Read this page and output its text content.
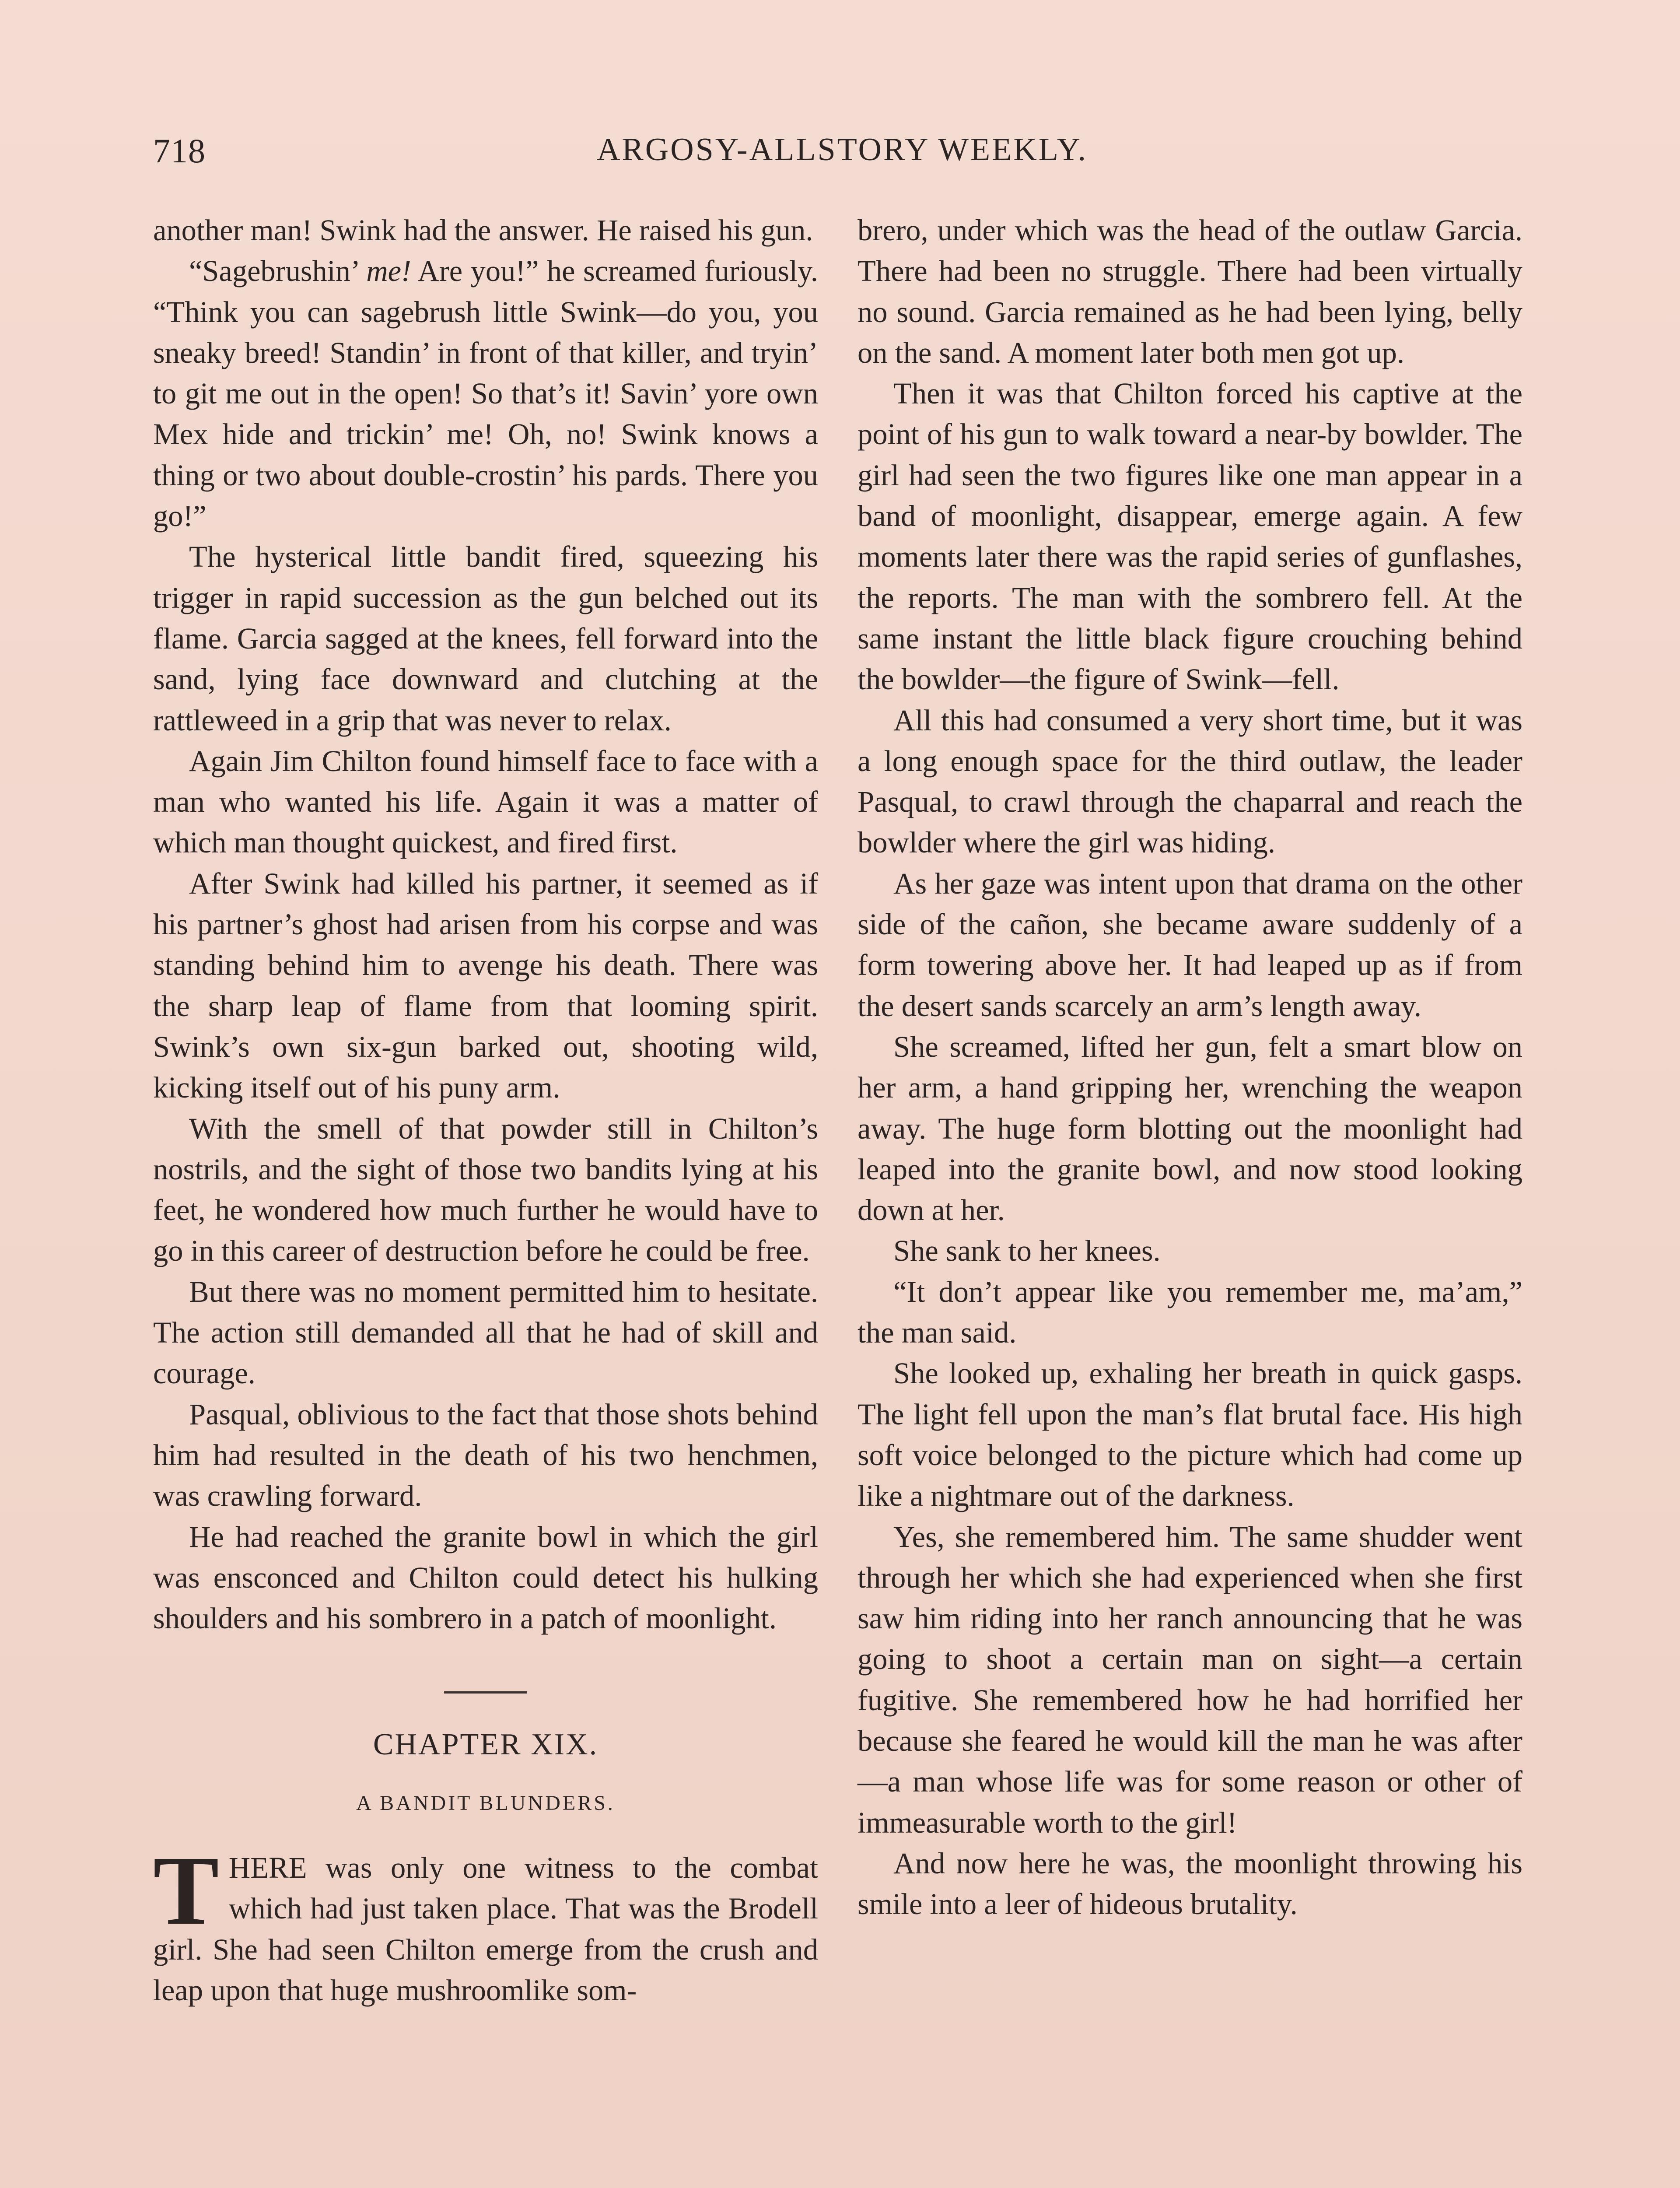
718	ARGOSY-ALLSTORY WEEKLY.

another man! Swink had the answer. He raised his gun.

“Sagebrushin’ me! Are you!” he screamed furiously. “Think you can sagebrush little Swink—do you, you sneaky breed! Standin’ in front of that killer, and tryin’ to git me out in the open! So that’s it! Savin’ yore own Mex hide and trickin’ me! Oh, no! Swink knows a thing or two about double-crostin’ his pards. There you go!”

The hysterical little bandit fired, squeezing his trigger in rapid succession as the gun belched out its flame. Garcia sagged at the knees, fell forward into the sand, lying face downward and clutching at the rattleweed in a grip that was never to relax.

Again Jim Chilton found himself face to face with a man who wanted his life. Again it was a matter of which man thought quickest, and fired first.

After Swink had killed his partner, it seemed as if his partner’s ghost had arisen from his corpse and was standing behind him to avenge his death. There was the sharp leap of flame from that looming spirit. Swink’s own six-gun barked out, shooting wild, kicking itself out of his puny arm.

With the smell of that powder still in Chilton’s nostrils, and the sight of those two bandits lying at his feet, he wondered how much further he would have to go in this career of destruction before he could be free.

But there was no moment permitted him to hesitate. The action still demanded all that he had of skill and courage.

Pasqual, oblivious to the fact that those shots behind him had resulted in the death of his two henchmen, was crawling forward.

He had reached the granite bowl in which the girl was ensconced and Chilton could detect his hulking shoulders and his sombrero in a patch of moonlight.

CHAPTER XIX.
A BANDIT BLUNDERS.

THERE was only one witness to the combat which had just taken place. That was the Brodell girl. She had seen Chilton emerge from the crush and leap upon that huge mushroomlike som-

brero, under which was the head of the outlaw Garcia. There had been no struggle. There had been virtually no sound. Garcia remained as he had been lying, belly on the sand. A moment later both men got up.

Then it was that Chilton forced his captive at the point of his gun to walk toward a near-by bowlder. The girl had seen the two figures like one man appear in a band of moonlight, disappear, emerge again. A few moments later there was the rapid series of gunflashes, the reports. The man with the sombrero fell. At the same instant the little black figure crouching behind the bowlder—the figure of Swink—fell.

All this had consumed a very short time, but it was a long enough space for the third outlaw, the leader Pasqual, to crawl through the chaparral and reach the bowlder where the girl was hiding.

As her gaze was intent upon that drama on the other side of the cañon, she became aware suddenly of a form towering above her. It had leaped up as if from the desert sands scarcely an arm’s length away.

She screamed, lifted her gun, felt a smart blow on her arm, a hand gripping her, wrenching the weapon away. The huge form blotting out the moonlight had leaped into the granite bowl, and now stood looking down at her.

She sank to her knees.

“It don’t appear like you remember me, ma’am,” the man said.

She looked up, exhaling her breath in quick gasps. The light fell upon the man’s flat brutal face. His high soft voice belonged to the picture which had come up like a nightmare out of the darkness.

Yes, she remembered him. The same shudder went through her which she had experienced when she first saw him riding into her ranch announcing that he was going to shoot a certain man on sight—a certain fugitive. She remembered how he had horrified her because she feared he would kill the man he was after—a man whose life was for some reason or other of immeasurable worth to the girl!

And now here he was, the moonlight throwing his smile into a leer of hideous brutality.
